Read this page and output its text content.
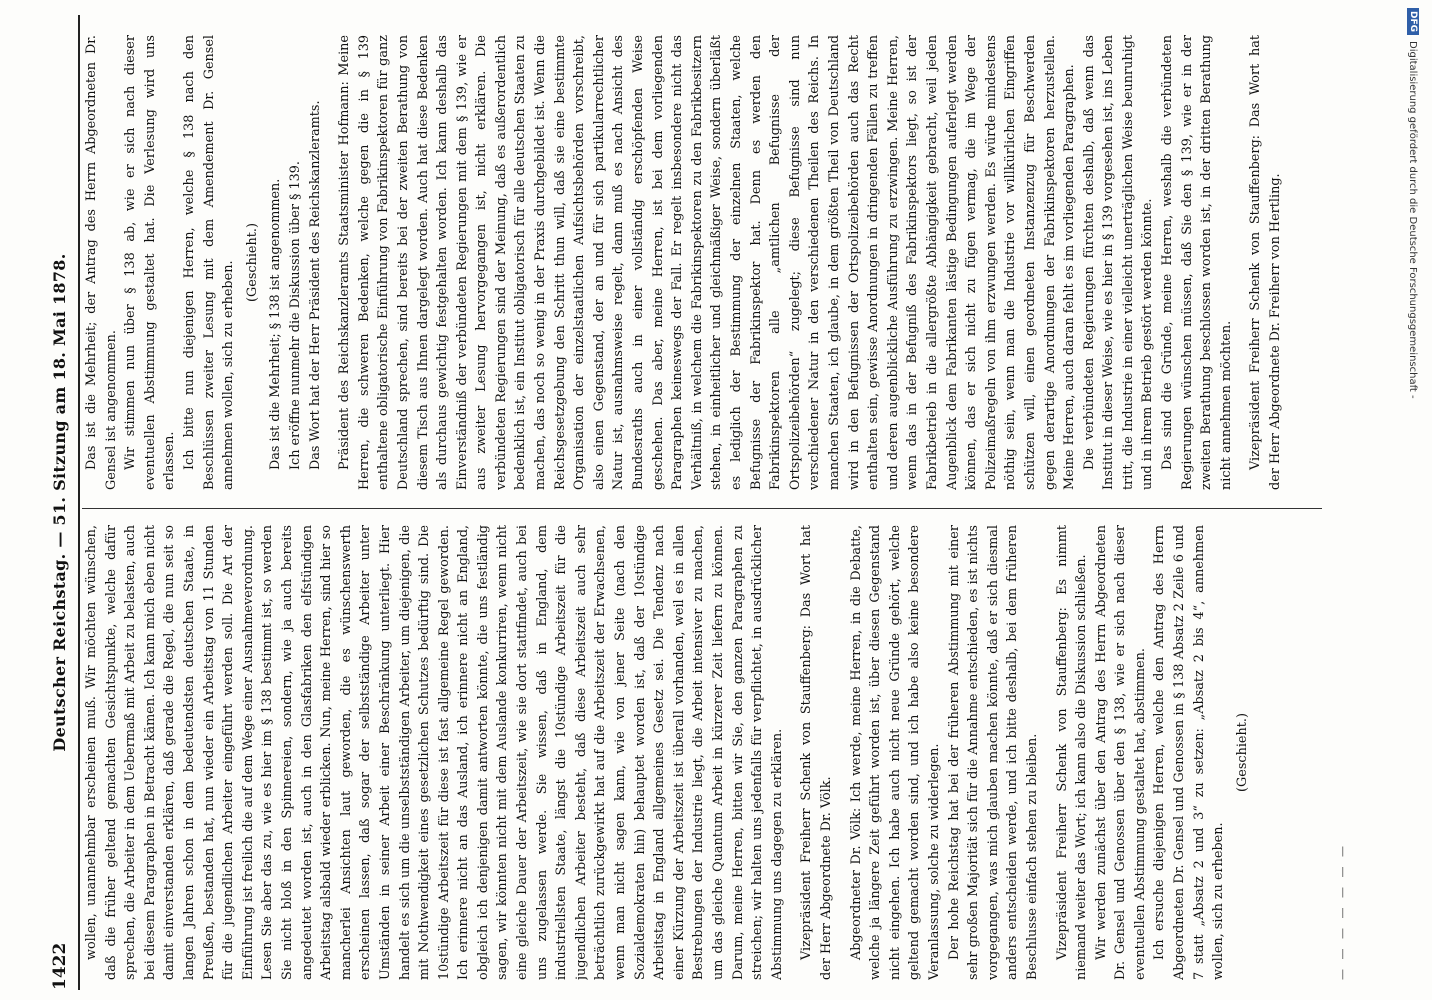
1422
Deutscher Reichstag. — 51. Sitzung am 18. Mai 1878. wollen, unannehmbar erscheinen muß. Wir möchten wünschen, daß die früher geltend gemachten Gesichtspunkte, welche dafür sprechen, die Arbeiter in dem Uebermaß mit Arbeit zu belasten, auch bei diesem Paragraphen in Betracht kämen. Ich kann mich eben nicht damit einverstanden erklären, daß gerade die Regel, die nun seit so langen Jahren schon in dem bedeutendsten deutschen Staate, in Preußen, bestanden hat, nun wieder ein Arbeitstag von 11 Stunden für die jugendlichen Arbeiter eingeführt werden soll. Die Art der Einführung ist freilich die auf dem Wege einer Ausnahmeverordnung. Lesen Sie aber das zu, wie es hier im § 138 bestimmt ist, so werden Sie nicht bloß in den Spinnereien, sondern, wie ja auch bereits angedeutet worden ist, auch in den Glasfabriken den elfstündigen Arbeitstag alsbald wieder erblicken. Nun, meine Herren, sind hier so mancherlei Ansichten laut geworden, die es wünschenswerth erscheinen lassen, daß sogar der selbstständige Arbeiter unter Umständen in seiner Arbeit einer Beschränkung unterliegt. Hier handelt es sich um die unselbstständigen Arbeiter, um diejenigen, die mit Nothwendigkeit eines gesetzlichen Schutzes bedürftig sind. Die 10stündige Arbeitszeit für diese ist fast allgemeine Regel geworden. Ich erinnere nicht an das Ausland, ich erinnere nicht an England, obgleich ich denjenigen damit antworten könnte, die uns festländig sagen, wir könnten nicht mit dem Auslande konkurriren, wenn nicht eine gleiche Dauer der Arbeitszeit, wie sie dort stattfindet, auch bei uns zugelassen werde. Sie wissen, daß in England, dem industriellsten Staate, längst die 10stündige Arbeitszeit für die jugendlichen Arbeiter besteht, daß diese Arbeitszeit auch sehr beträchtlich zurückgewirkt hat auf die Arbeitszeit der Erwachsenen, wenn man nicht sagen kann, wie von jener Seite (nach den Sozialdemokraten hin) behauptet worden ist, daß der 10stündige Arbeitstag in England allgemeines Gesetz sei. Die Tendenz nach einer Kürzung der Arbeitszeit ist überall vorhanden, weil es in allen Bestrebungen der Industrie liegt, die Arbeit intensiver zu machen, um das gleiche Quantum Arbeit in kürzerer Zeit liefern zu können. Darum, meine Herren, bitten wir Sie, den ganzen Paragraphen zu streichen; wir halten uns jedenfalls für verpflichtet, in ausdrücklicher Abstimmung uns dagegen zu erklären. Vizepräsident Freiherr Schenk von Stauffenberg: Das Wort hat der Herr Abgeordnete Dr. Völk. Abgeordneter Dr. Völk: Ich werde, meine Herren, in die Debatte, welche ja längere Zeit geführt worden ist, über diesen Gegenstand nicht eingehen. Ich habe auch nicht neue Gründe gehört, welche geltend gemacht worden sind, und ich habe also keine besondere Veranlassung, solche zu widerlegen. Der hohe Reichstag hat bei der früheren Abstimmung mit einer sehr großen Majorität sich für die Annahme entschieden, es ist nichts vorgegangen, was mich glauben machen könnte, daß er sich diesmal anders entscheiden werde, und ich bitte deshalb, bei dem früheren Beschlusse einfach stehen zu bleiben. Vizepräsident Freiherr Schenk von Stauffenberg: Es nimmt niemand weiter das Wort; ich kann also die Diskussion schließen. Wir werden zunächst über den Antrag des Herrn Abgeordneten Dr. Gensel und Genossen über den § 138, wie er sich nach dieser eventuellen Abstimmung gestaltet hat, abstimmen. Ich ersuche diejenigen Herren, welche den Antrag des Herrn Abgeordneten Dr. Gensel und Genossen in § 138 Absatz 2 Zeile 6 und 7 statt „Absatz 2 und 3“ zu setzen: „Absatz 2 bis 4“, annehmen wollen, sich zu erheben.

(Geschieht.)

Das ist die Mehrheit; der Antrag des Herrn Abgeordneten Dr. Gensel ist angenommen. Wir stimmen nun über § 138 ab, wie er sich nach dieser eventuellen Abstimmung gestaltet hat. Die Verlesung wird uns erlassen. Ich bitte nun diejenigen Herren, welche § 138 nach den Beschlüssen zweiter Lesung mit dem Amendement Dr. Gensel annehmen wollen, sich zu erheben. (Geschieht.) Das ist die Mehrheit; § 138 ist angenommen. Ich eröffne nunmehr die Diskussion über § 139. Das Wort hat der Herr Präsident des Reichskanzleramts. Präsident des Reichskanzleramts Staatsminister Hofmann: Meine Herren, die schweren Bedenken, welche gegen die in § 139 enthaltene obligatorische Einführung von Fabrikinspektoren für ganz Deutschland sprechen, sind bereits bei der zweiten Berathung von diesem Tisch aus Ihnen dargelegt worden. Auch hat diese Bedenken als durchaus gewichtig festgehalten worden. Ich kann deshalb das Einverständniß der verbündeten Regierungen mit dem § 139, wie er aus zweiter Lesung hervorgegangen ist, nicht erklären. Die verbündeten Regierungen sind der Meinung, daß es außerordentlich bedenklich ist, ein Institut obligatorisch für alle deutschen Staaten zu machen, das noch so wenig in der Praxis durchgebildet ist. Wenn die Reichsgesetzgebung den Schritt thun will, daß sie eine bestimmte Organisation der einzelstaatlichen Aufsichtsbehörden vorschreibt, also einen Gegenstand, der an und für sich partikularrechtlicher Natur ist, ausnahmsweise regelt, dann muß es nach Ansicht des Bundesraths auch in einer vollständig erschöpfenden Weise geschehen. Das aber, meine Herren, ist bei dem vorliegenden Paragraphen keineswegs der Fall. Er regelt insbesondere nicht das Verhältniß, in welchem die Fabrikinspektoren zu den Fabrikbesitzern stehen, in einheitlicher und gleichmäßiger Weise, sondern überläßt es lediglich der Bestimmung der einzelnen Staaten, welche Befugnisse der Fabrikinspektor hat. Denn es werden den Fabrikinspektoren alle „amtlichen Befugnisse der Ortspolizeibehörden“ zugelegt; diese Befugnisse sind nun verschiedener Natur in den verschiedenen Theilen des Reichs. In manchen Staaten, ich glaube, in dem größten Theil von Deutschland wird in den Befugnissen der Ortspolizeibehörden auch das Recht enthalten sein, gewisse Anordnungen in dringenden Fällen zu treffen und deren augenblickliche Ausführung zu erzwingen. Meine Herren, wenn das in der Befugniß des Fabrikinspektors liegt, so ist der Fabrikbetrieb in die allergrößte Abhängigkeit gebracht, weil jeden Augenblick dem Fabrikanten lästige Bedingungen auferlegt werden können, das er sich nicht zu fügen vermag, die im Wege der Polizeimaßregeln von ihm erzwungen werden. Es würde mindestens nöthig sein, wenn man die Industrie vor willkürlichen Eingriffen schützen will, einen geordneten Instanzenzug für Beschwerden gegen derartige Anordnungen der Fabrikinspektoren herzustellen. Meine Herren, auch daran fehlt es im vorliegenden Paragraphen. Die verbündeten Regierungen fürchten deshalb, daß wenn das Institut in dieser Weise, wie es hier in § 139 vorgesehen ist, ins Leben tritt, die Industrie in einer vielleicht unerträglichen Weise beunruhigt und in ihrem Betrieb gestört werden könnte. Das sind die Gründe, meine Herren, weshalb die verbündeten Regierungen wünschen müssen, daß Sie den § 139, wie er in der zweiten Berathung beschlossen worden ist, in der dritten Berathung nicht annehmen möchten. Vizepräsident Freiherr Schenk von Stauffenberg: Das Wort hat der Herr Abgeordnete Dr. Freiherr von Hertling.

— — — — — — —
DFG
Digitalisierung gefördert durch die Deutsche Forschungsgemeinschaft -
